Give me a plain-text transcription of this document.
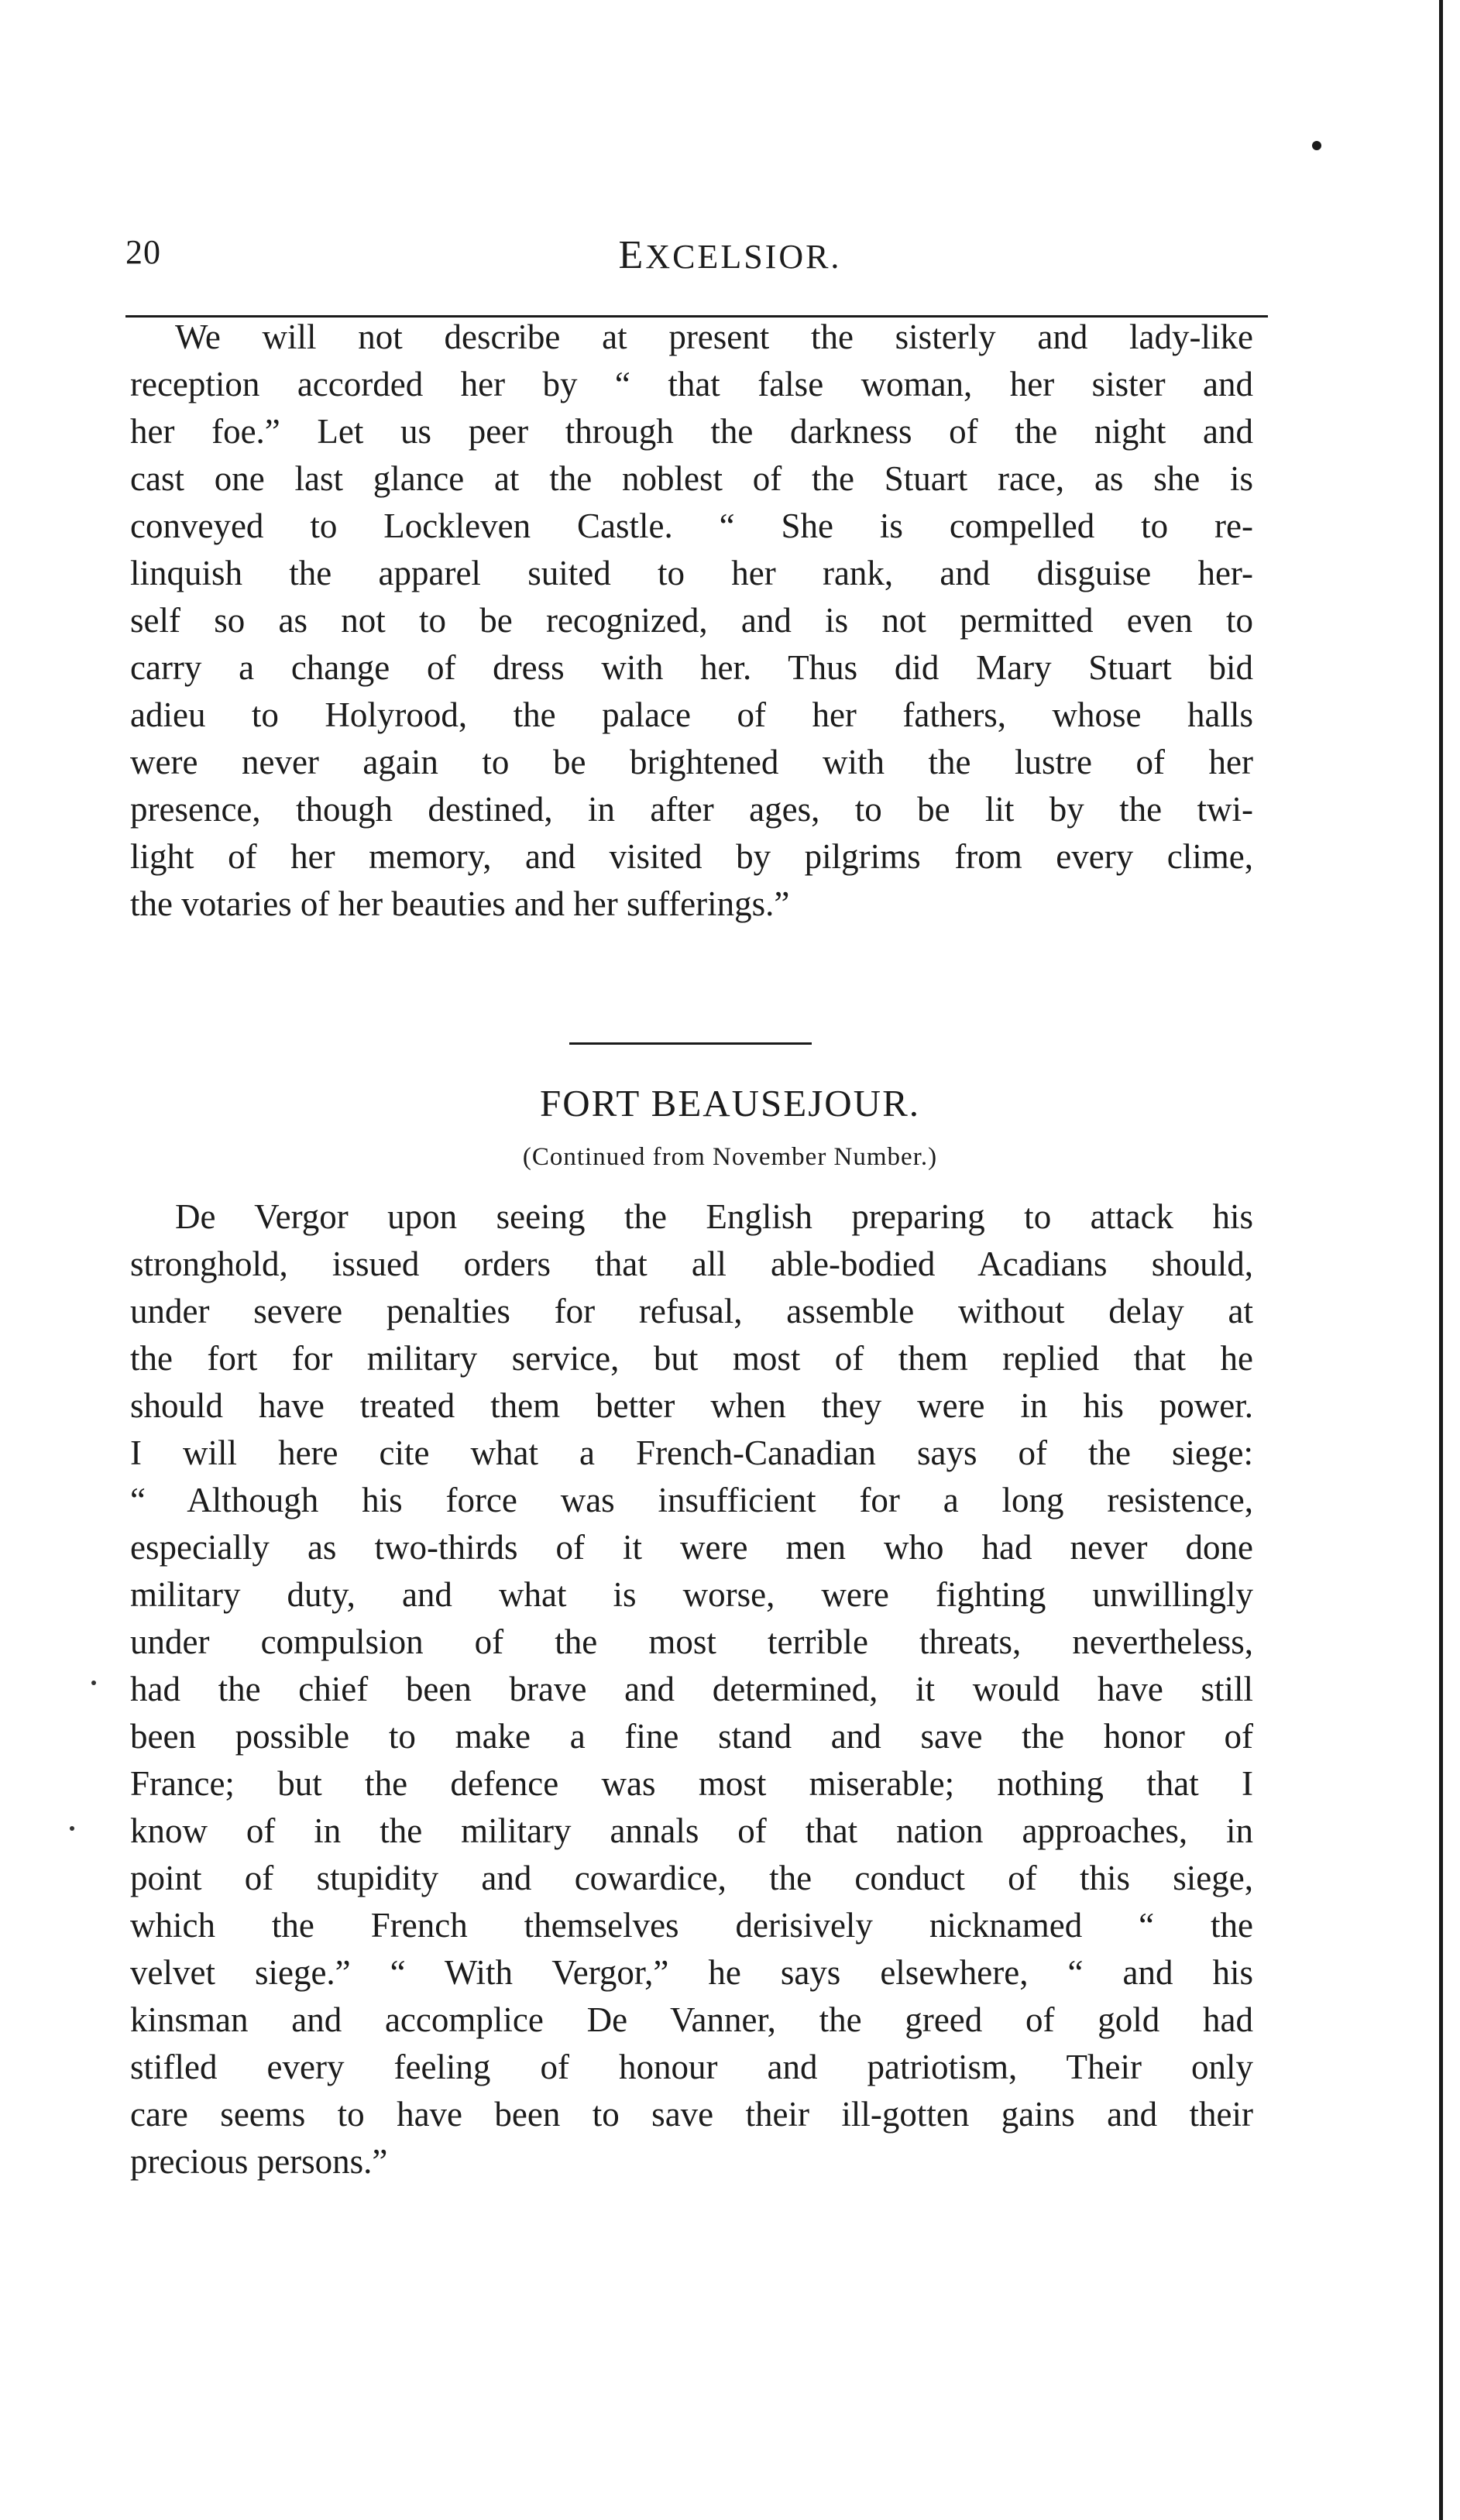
20	EXCELSIOR.
We will not describe at present the sisterly and lady-like
reception accorded her by “ that false woman, her sister and
her foe.” Let us peer through the darkness of the night and
cast one last glance at the noblest of the Stuart race, as she is
conveyed to Lockleven Castle. “ She is compelled to re-
linquish the apparel suited to her rank, and disguise her-
self so as not to be recognized, and is not permitted even to
carry a change of dress with her. Thus did Mary Stuart bid
adieu to Holyrood, the palace of her fathers, whose halls
were never again to be brightened with the lustre of her
presence, though destined, in after ages, to be lit by the twi-
light of her memory, and visited by pilgrims from every clime,
the votaries of her beauties and her sufferings.”
FORT BEAUSEJOUR.
(Continued from November Number.)
De Vergor upon seeing the English preparing to attack his
stronghold, issued orders that all able-bodied Acadians should,
under severe penalties for refusal, assemble without delay at
the fort for military service, but most of them replied that he
should have treated them better when they were in his power.
I will here cite what a French-Canadian says of the siege:
“ Although his force was insufficient for a long resistence,
especially as two-thirds of it were men who had never done
military duty, and what is worse, were fighting unwillingly
under compulsion of the most terrible threats, nevertheless,
had the chief been brave and determined, it would have still
been possible to make a fine stand and save the honor of
France; but the defence was most miserable; nothing that I
know of in the military annals of that nation approaches, in
point of stupidity and cowardice, the conduct of this siege,
which the French themselves derisively nicknamed “ the
velvet siege.” “ With Vergor,” he says elsewhere, “ and his
kinsman and accomplice De Vanner, the greed of gold had
stifled every feeling of honour and patriotism, Their only
care seems to have been to save their ill-gotten gains and their
precious persons.”
